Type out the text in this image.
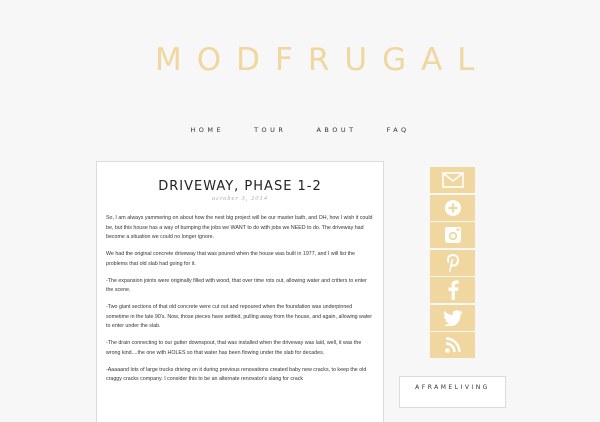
MODFRUGAL
HOME	TOUR	ABOUT	FAQ
DRIVEWAY, PHASE 1-2
october 3, 2014

So, I am always yammering on about how the next big project will be our master bath, and OH, how I wish it could be, but this house has a way of bumping the jobs we WANT to do with jobs we NEED to do. The driveway had become a situation we could no longer ignore.

We had the original concrete driveway that was poured when the house was built in 1977, and I will list the problems that old slab had going for it.

-The expansion joints were originally filled with wood, that over time rots out, allowing water and critters to enter the scene.

-Two giant sections of that old concrete were cut out and repoured when the foundation was underpinned sometime in the late 90's. Now, those pieces have settled, pulling away from the house, and again, allowing water to enter under the slab.

-The drain connecting to our gutter downspout, that was installed when the driveway was laid, well, it was the wrong kind....the one with HOLES so that water has been flowing under the slab for decades.

-Aaaaand lots of large trucks driving on it during previous renovations created baby new cracks, to keep the old craggy cracks company. I consider this to be an alternate renovator's slang for crack

AFRAMELIVING
